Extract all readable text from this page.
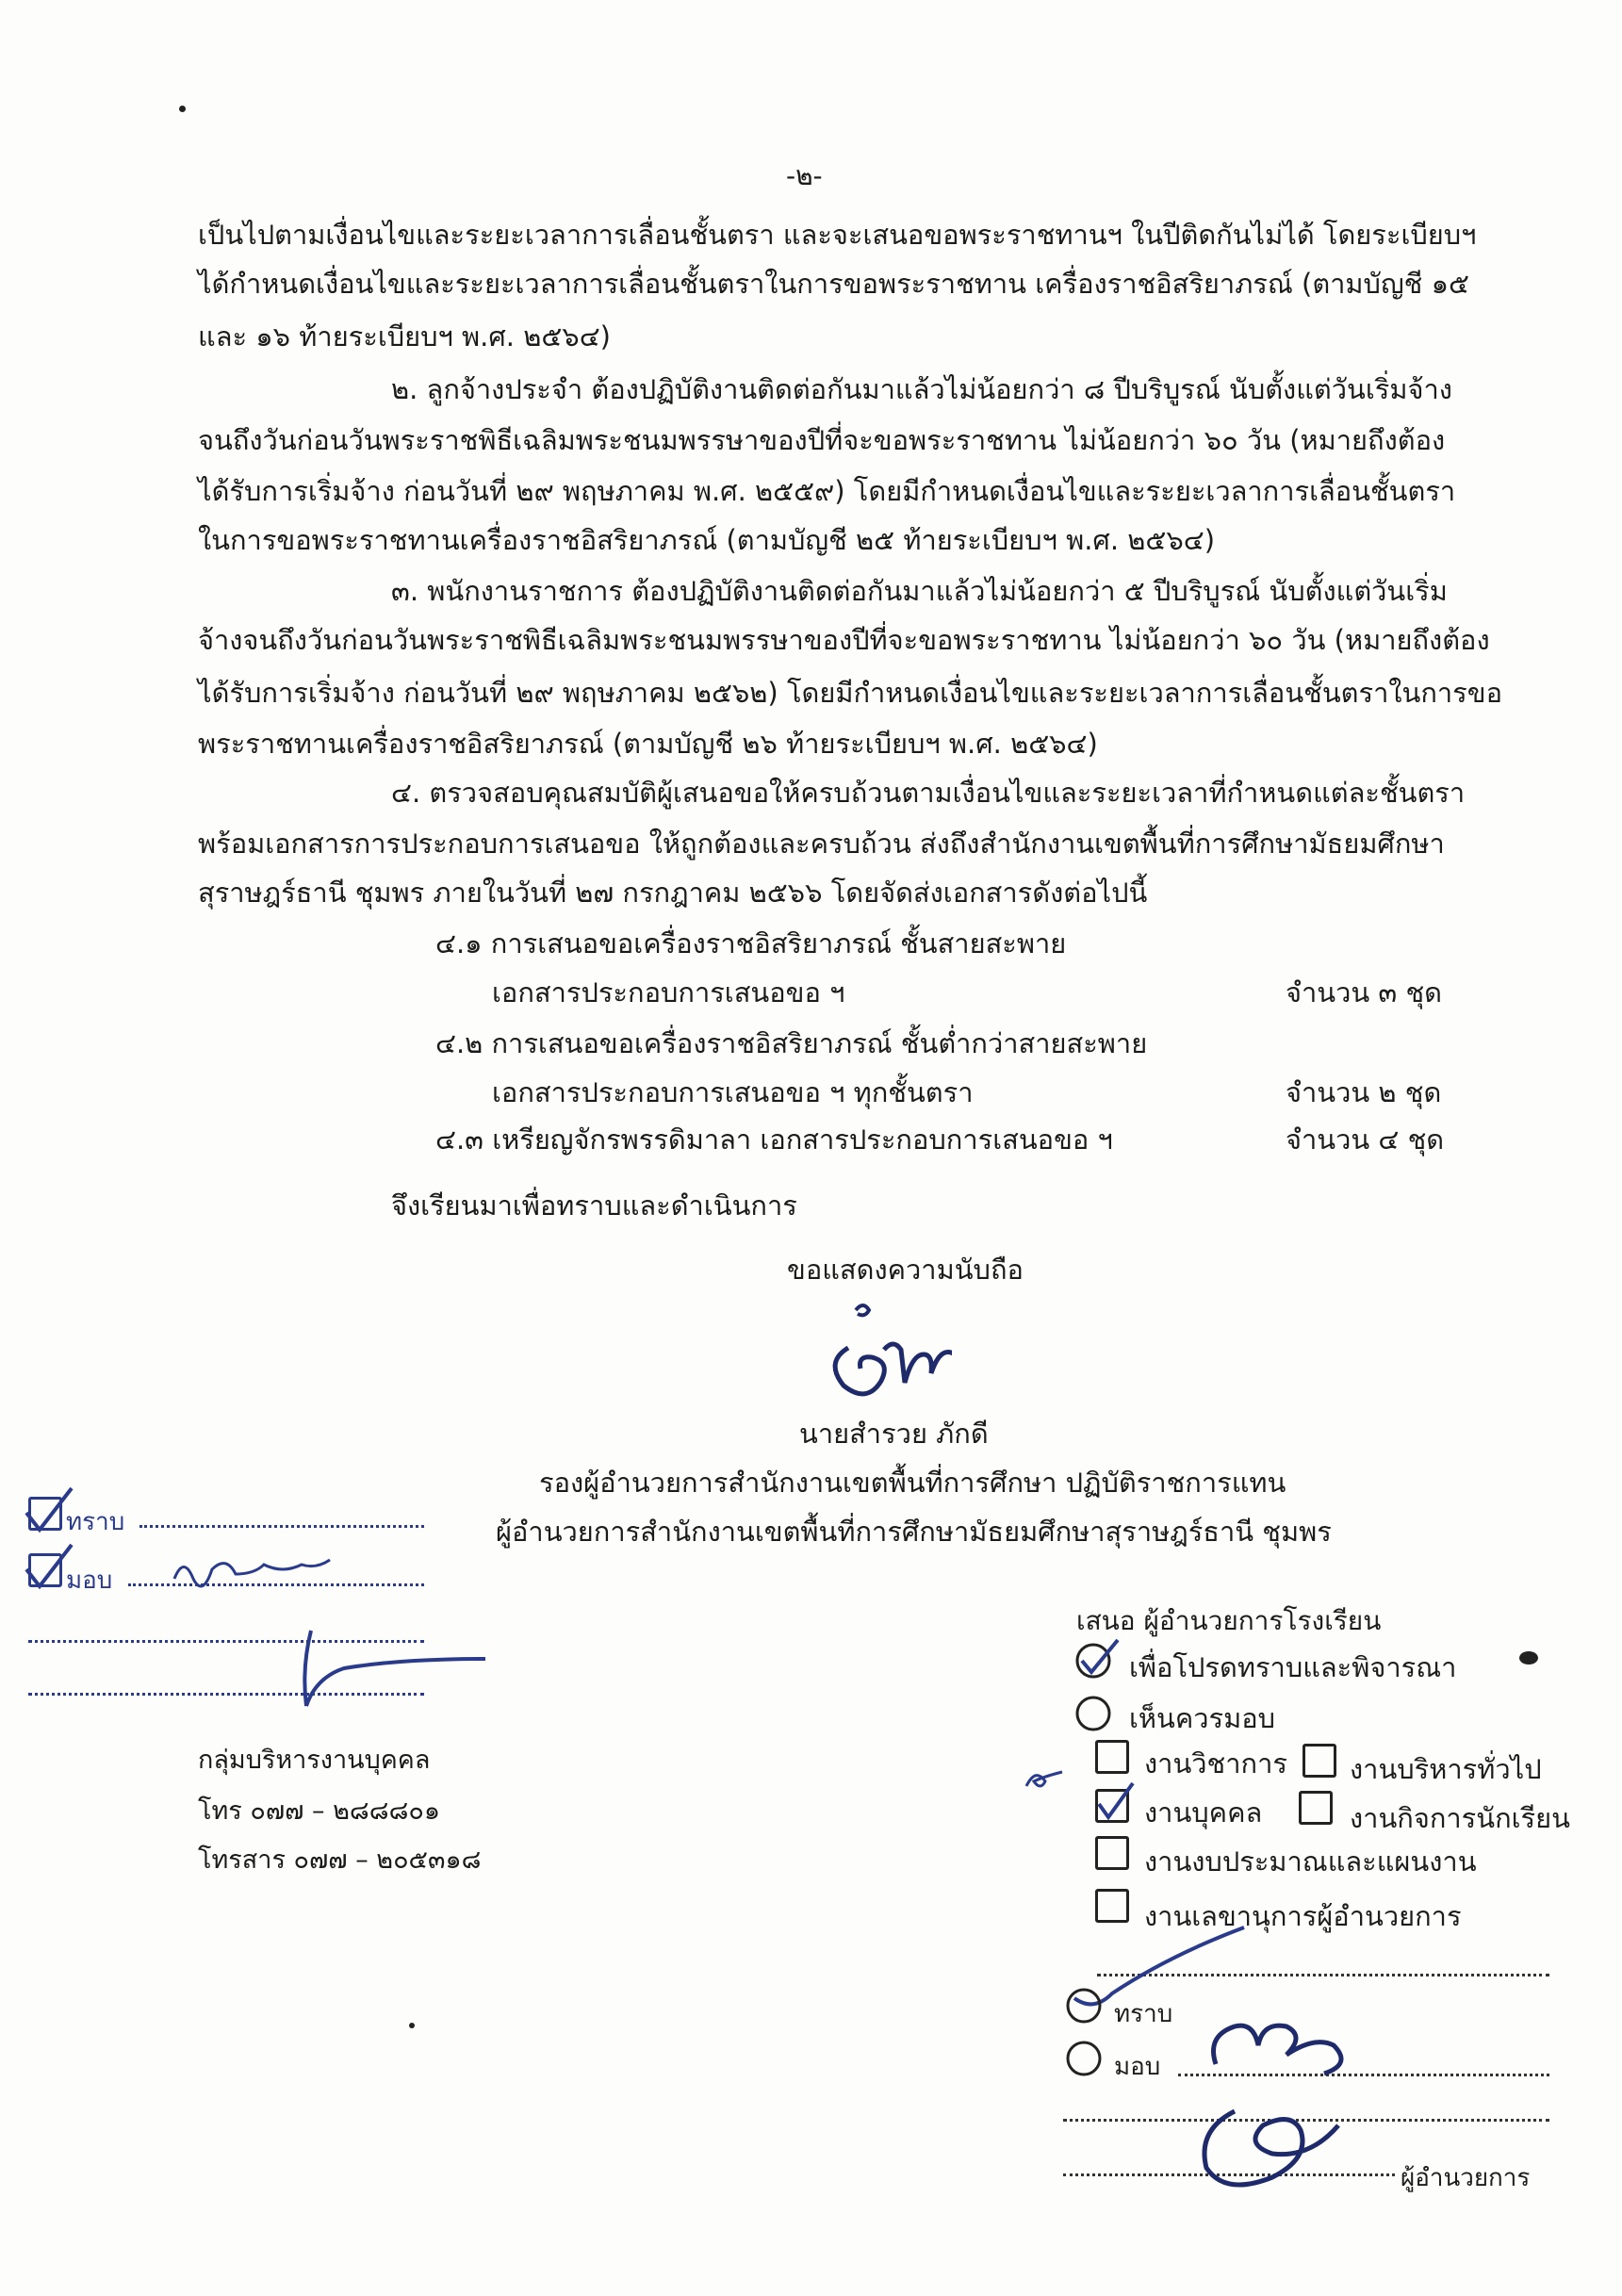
-๒-
เป็นไปตามเงื่อนไขและระยะเวลาการเลื่อนชั้นตรา และจะเสนอขอพระราชทานฯ ในปีติดกันไม่ได้ โดยระเบียบฯ
ได้กำหนดเงื่อนไขและระยะเวลาการเลื่อนชั้นตราในการขอพระราชทาน เครื่องราชอิสริยาภรณ์ (ตามบัญชี ๑๕
และ ๑๖ ท้ายระเบียบฯ พ.ศ. ๒๕๖๔)
๒. ลูกจ้างประจำ ต้องปฏิบัติงานติดต่อกันมาแล้วไม่น้อยกว่า ๘ ปีบริบูรณ์ นับตั้งแต่วันเริ่มจ้าง
จนถึงวันก่อนวันพระราชพิธีเฉลิมพระชนมพรรษาของปีที่จะขอพระราชทาน ไม่น้อยกว่า ๖๐ วัน (หมายถึงต้อง
ได้รับการเริ่มจ้าง ก่อนวันที่ ๒๙ พฤษภาคม พ.ศ. ๒๕๕๙) โดยมีกำหนดเงื่อนไขและระยะเวลาการเลื่อนชั้นตรา
ในการขอพระราชทานเครื่องราชอิสริยาภรณ์ (ตามบัญชี ๒๕ ท้ายระเบียบฯ พ.ศ. ๒๕๖๔)
๓. พนักงานราชการ ต้องปฏิบัติงานติดต่อกันมาแล้วไม่น้อยกว่า ๕ ปีบริบูรณ์ นับตั้งแต่วันเริ่ม
จ้างจนถึงวันก่อนวันพระราชพิธีเฉลิมพระชนมพรรษาของปีที่จะขอพระราชทาน ไม่น้อยกว่า ๖๐ วัน (หมายถึงต้อง
ได้รับการเริ่มจ้าง ก่อนวันที่ ๒๙ พฤษภาคม ๒๕๖๒) โดยมีกำหนดเงื่อนไขและระยะเวลาการเลื่อนชั้นตราในการขอ
พระราชทานเครื่องราชอิสริยาภรณ์ (ตามบัญชี ๒๖ ท้ายระเบียบฯ พ.ศ. ๒๕๖๔)
๔. ตรวจสอบคุณสมบัติผู้เสนอขอให้ครบถ้วนตามเงื่อนไขและระยะเวลาที่กำหนดแต่ละชั้นตรา
พร้อมเอกสารการประกอบการเสนอขอ ให้ถูกต้องและครบถ้วน ส่งถึงสำนักงานเขตพื้นที่การศึกษามัธยมศึกษา
สุราษฎร์ธานี ชุมพร ภายในวันที่ ๒๗ กรกฎาคม ๒๕๖๖ โดยจัดส่งเอกสารดังต่อไปนี้
๔.๑ การเสนอขอเครื่องราชอิสริยาภรณ์ ชั้นสายสะพาย
เอกสารประกอบการเสนอขอ ฯ	จำนวน ๓ ชุด
๔.๒ การเสนอขอเครื่องราชอิสริยาภรณ์ ชั้นต่ำกว่าสายสะพาย
เอกสารประกอบการเสนอขอ ฯ ทุกชั้นตรา	จำนวน ๒ ชุด
๔.๓ เหรียญจักรพรรดิมาลา เอกสารประกอบการเสนอขอ ฯ	จำนวน ๔ ชุด
จึงเรียนมาเพื่อทราบและดำเนินการ
ขอแสดงความนับถือ
นายสำรวย ภักดี
รองผู้อำนวยการสำนักงานเขตพื้นที่การศึกษา ปฏิบัติราชการแทน
ผู้อำนวยการสำนักงานเขตพื้นที่การศึกษามัธยมศึกษาสุราษฎร์ธานี ชุมพร
ทราบ
มอบ
กลุ่มบริหารงานบุคคล
โทร ๐๗๗ – ๒๘๘๘๐๑
โทรสาร ๐๗๗ – ๒๐๕๓๑๘
เสนอ ผู้อำนวยการโรงเรียน
เพื่อโปรดทราบและพิจารณา
เห็นควรมอบ
งานวิชาการ งานบริหารทั่วไป
งานบุคคล	งานกิจการนักเรียน
งานงบประมาณและแผนงาน
งานเลขานุการผู้อำนวยการ
ทราบ
มอบ
ผู้อำนวยการ
